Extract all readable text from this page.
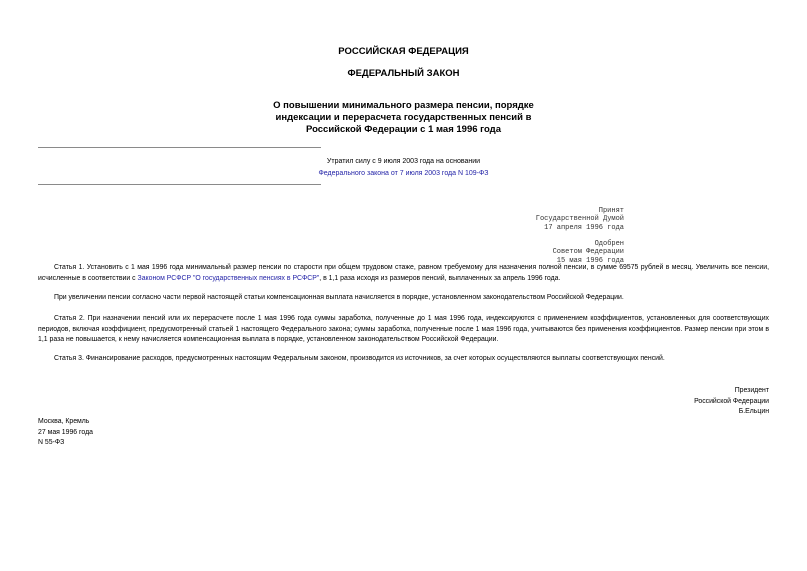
РОССИЙСКАЯ ФЕДЕРАЦИЯ
ФЕДЕРАЛЬНЫЙ ЗАКОН
О повышении минимального размера пенсии, порядке
индексации и перерасчета государственных пенсий в
Российской Федерации с 1 мая 1996 года
Утратил силу с 9 июля 2003 года на основании
Федерального закона от 7 июля 2003 года N 109-ФЗ
Принят
Государственной Думой
17 апреля 1996 года

Одобрен
Советом Федерации
15 мая 1996 года
Статья 1. Установить с 1 мая 1996 года минимальный размер пенсии по старости при общем трудовом стаже, равном требуемому для назначения полной пенсии, в сумме 69575 рублей в месяц. Увеличить все пенсии, исчисленные в соответствии с Законом РСФСР "О государственных пенсиях в РСФСР", в 1,1 раза исходя из размеров пенсий, выплаченных за апрель 1996 года.
При увеличении пенсии согласно части первой настоящей статьи компенсационная выплата начисляется в порядке, установленном законодательством Российской Федерации.
Статья 2. При назначении пенсий или их перерасчете после 1 мая 1996 года суммы заработка, полученные до 1 мая 1996 года, индексируются с применением коэффициентов, установленных для соответствующих периодов, включая коэффициент, предусмотренный статьей 1 настоящего Федерального закона; суммы заработка, полученные после 1 мая 1996 года, учитываются без применения коэффициентов. Размер пенсии при этом в 1,1 раза не повышается, к нему начисляется компенсационная выплата в порядке, установленном законодательством Российской Федерации.
Статья 3. Финансирование расходов, предусмотренных настоящим Федеральным законом, производится из источников, за счет которых осуществляются выплаты соответствующих пенсий.
Президент
Российской Федерации
Б.Ельцин
Москва, Кремль
27 мая 1996 года
N 55-ФЗ
